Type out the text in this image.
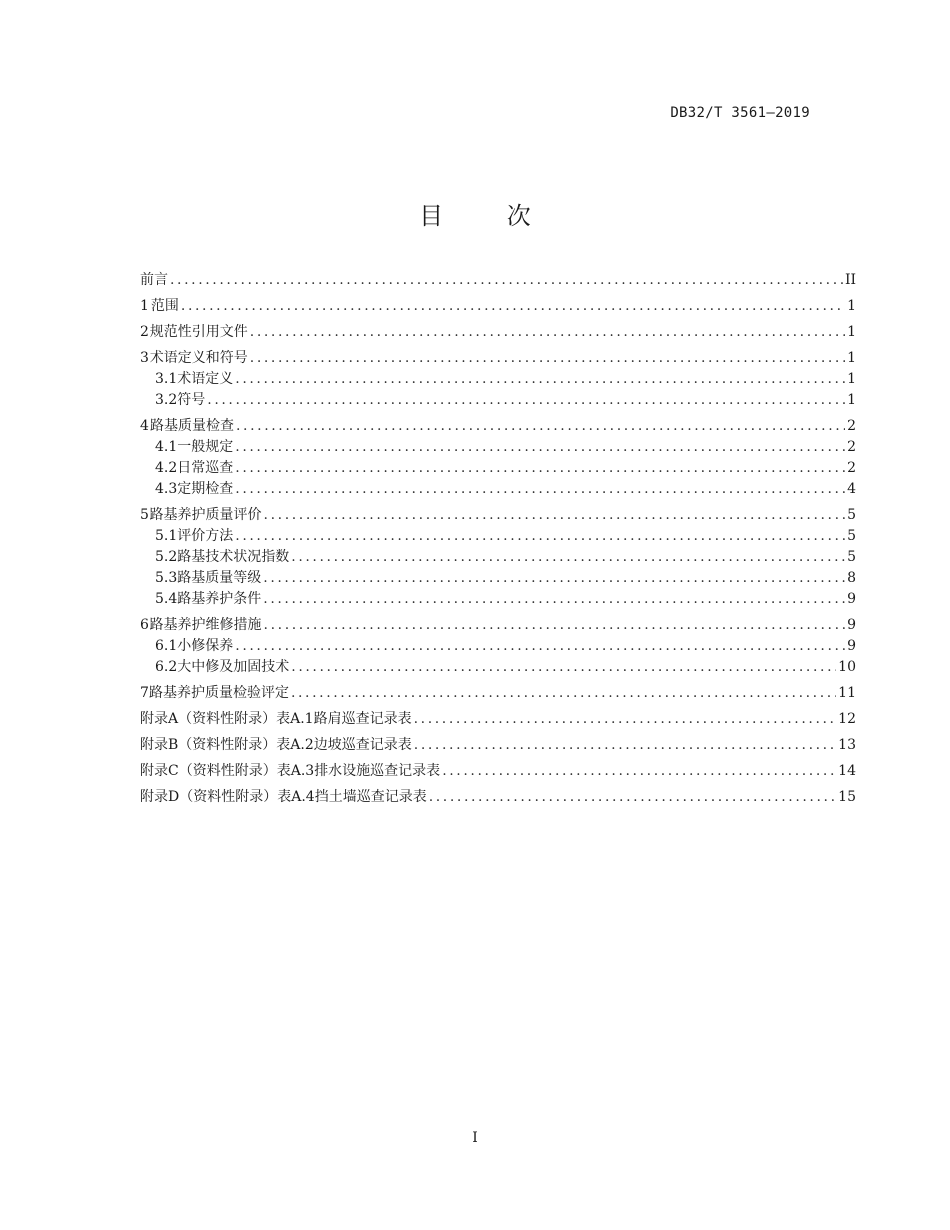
DB32/T 3561—2019
目 次
前言 .....	II
1 范围 .....	1
2 规范性引用文件 .....	1
3 术语定义和符号 .....	1
3.1 术语定义 .....	1
3.2 符号 .....	1
4 路基质量检查 .....	2
4.1 一般规定 .....	2
4.2 日常巡查 .....	2
4.3 定期检查 .....	4
5 路基养护质量评价 .....	5
5.1 评价方法 .....	5
5.2 路基技术状况指数 .....	5
5.3 路基质量等级 .....	8
5.4 路基养护条件 .....	9
6 路基养护维修措施 .....	9
6.1 小修保养 .....	9
6.2 大中修及加固技术 .....	10
7 路基养护质量检验评定 .....	11
附录A（资料性附录） 表A.1 路肩巡查记录表 .....	12
附录B（资料性附录） 表A.2 边坡巡查记录表 .....	13
附录C（资料性附录） 表A.3 排水设施巡查记录表 .....	14
附录D（资料性附录） 表A.4 挡土墙巡查记录表 .....	15
I
